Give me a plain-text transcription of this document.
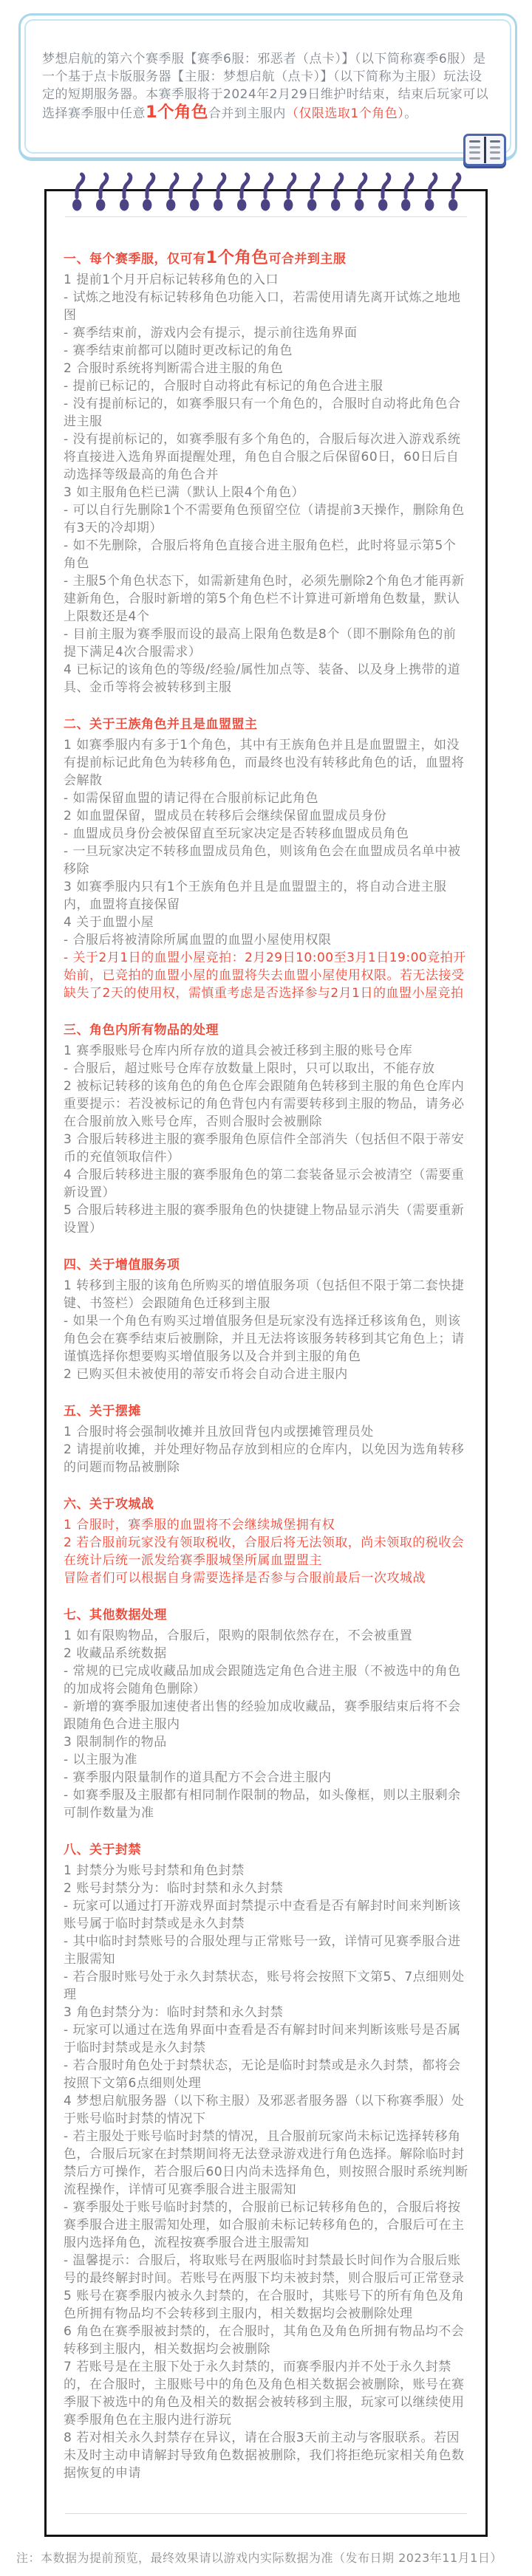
梦想启航的第六个赛季服【赛季6服：邪恶者（点卡）】（以下简称赛季6服）是一个基于点卡版服务器【主服：梦想启航（点卡）】（以下简称为主服）玩法设定的短期服务器。本赛季服将于2024年2月29日维护时结束，结束后玩家可以选择赛季服中任意1个角色合并到主服内（仅限选取1个角色）。

一、每个赛季服，仅可有1个角色可合并到主服

1 提前1个月开启标记转移角色的入口

- 试炼之地没有标记转移角色功能入口，若需使用请先离开试炼之地地图

- 赛季结束前，游戏内会有提示，提示前往选角界面

- 赛季结束前都可以随时更改标记的角色

2 合服时系统将判断需合进主服的角色

- 提前已标记的，合服时自动将此有标记的角色合进主服

- 没有提前标记的，如赛季服只有一个角色的，合服时自动将此角色合进主服

- 没有提前标记的，如赛季服有多个角色的，合服后每次进入游戏系统将直接进入选角界面提醒处理，角色自合服之后保留60日，60日后自动选择等级最高的角色合并

3 如主服角色栏已满（默认上限4个角色）

- 可以自行先删除1个不需要角色预留空位（请提前3天操作，删除角色有3天的冷却期）

- 如不先删除，合服后将角色直接合进主服角色栏，此时将显示第5个角色

- 主服5个角色状态下，如需新建角色时，必须先删除2个角色才能再新建新角色，合服时新增的第5个角色栏不计算进可新增角色数量，默认上限数还是4个

- 目前主服为赛季服而设的最高上限角色数是8个（即不删除角色的前提下满足4次合服需求）

4 已标记的该角色的等级/经验/属性加点等、装备、以及身上携带的道具、金币等将会被转移到主服

二、关于王族角色并且是血盟盟主

1 如赛季服内有多于1个角色，其中有王族角色并且是血盟盟主，如没有提前标记此角色为转移角色，而最终也没有转移此角色的话，血盟将会解散

- 如需保留血盟的请记得在合服前标记此角色

2 如血盟保留，盟成员在转移后会继续保留血盟成员身份

- 血盟成员身份会被保留直至玩家决定是否转移血盟成员角色

- 一旦玩家决定不转移血盟成员角色，则该角色会在血盟成员名单中被移除

3 如赛季服内只有1个王族角色并且是血盟盟主的，将自动合进主服内，血盟将直接保留

4 关于血盟小屋

- 合服后将被清除所属血盟的血盟小屋使用权限

- 关于2月1日的血盟小屋竞拍：2月29日10:00至3月1日19:00竞拍开始前，已竞拍的血盟小屋的血盟将失去血盟小屋使用权限。若无法接受缺失了2天的使用权，需慎重考虑是否选择参与2月1日的血盟小屋竞拍

三、角色内所有物品的处理

1 赛季服账号仓库内所存放的道具会被迁移到主服的账号仓库

- 合服后，超过账号仓库存放数量上限时，只可以取出，不能存放

2 被标记转移的该角色的角色仓库会跟随角色转移到主服的角色仓库内

重要提示：若没被标记的角色背包内有需要转移到主服的物品，请务必在合服前放入账号仓库，否则合服时会被删除

3 合服后转移进主服的赛季服角色原信件全部消失（包括但不限于蒂安币的充值领取信件）

4 合服后转移进主服的赛季服角色的第二套装备显示会被清空（需要重新设置）

5 合服后转移进主服的赛季服角色的快捷键上物品显示消失（需要重新设置）

四、关于增值服务项

1 转移到主服的该角色所购买的增值服务项（包括但不限于第二套快捷键、书签栏）会跟随角色迁移到主服

- 如果一个角色有购买过增值服务但是玩家没有选择迁移该角色，则该角色会在赛季结束后被删除，并且无法将该服务转移到其它角色上；请谨慎选择你想要购买增值服务以及合并到主服的角色

2 已购买但未被使用的蒂安币将会自动合进主服内

五、关于摆摊

1 合服时将会强制收摊并且放回背包内或摆摊管理员处

2 请提前收摊，并处理好物品存放到相应的仓库内，以免因为选角转移的问题而物品被删除

六、关于攻城战

1 合服时，赛季服的血盟将不会继续城堡拥有权

2 若合服前玩家没有领取税收，合服后将无法领取，尚未领取的税收会在统计后统一派发给赛季服城堡所属血盟盟主

冒险者们可以根据自身需要选择是否参与合服前最后一次攻城战

七、其他数据处理

1 如有限购物品，合服后，限购的限制依然存在，不会被重置

2 收藏品系统数据

- 常规的已完成收藏品加成会跟随选定角色合进主服（不被选中的角色的加成将会随角色删除）

- 新增的赛季服加速使者出售的经验加成收藏品，赛季服结束后将不会跟随角色合进主服内

3 限制制作的物品

- 以主服为准

- 赛季服内限量制作的道具配方不会合进主服内

- 如赛季服及主服都有相同制作限制的物品，如头像框，则以主服剩余可制作数量为准

八、关于封禁

1 封禁分为账号封禁和角色封禁

2 账号封禁分为：临时封禁和永久封禁

- 玩家可以通过打开游戏界面封禁提示中查看是否有解封时间来判断该账号属于临时封禁或是永久封禁

- 其中临时封禁账号的合服处理与正常账号一致，详情可见赛季服合进主服需知

- 若合服时账号处于永久封禁状态，账号将会按照下文第5、7点细则处理

3 角色封禁分为：临时封禁和永久封禁

- 玩家可以通过在选角界面中查看是否有解封时间来判断该账号是否属于临时封禁或是永久封禁

- 若合服时角色处于封禁状态，无论是临时封禁或是永久封禁，都将会按照下文第6点细则处理

4 梦想启航服务器（以下称主服）及邪恶者服务器（以下称赛季服）处于账号临时封禁的情况下

- 若主服处于账号临时封禁的情况，且合服前玩家尚未标记选择转移角色，合服后玩家在封禁期间将无法登录游戏进行角色选择。解除临时封禁后方可操作，若合服后60日内尚未选择角色，则按照合服时系统判断流程操作，详情可见赛季服合进主服需知

- 赛季服处于账号临时封禁的，合服前已标记转移角色的，合服后将按赛季服合进主服需知处理，如合服前未标记转移角色的，合服后可在主服内选择角色，流程按赛季服合进主服需知

- 温馨提示：合服后，将取账号在两服临时封禁最长时间作为合服后账号的最终解封时间。若账号在两服下均未被封禁，则合服后可正常登录

5 账号在赛季服内被永久封禁的，在合服时，其账号下的所有角色及角色所拥有物品均不会转移到主服内，相关数据均会被删除处理

6 角色在赛季服被封禁的，在合服时，其角色及角色所拥有物品均不会转移到主服内，相关数据均会被删除

7 若账号是在主服下处于永久封禁的，而赛季服内并不处于永久封禁的，在合服时，主服账号中的角色及角色相关数据会被删除，账号在赛季服下被选中的角色及相关的数据会被转移到主服，玩家可以继续使用赛季服角色在主服内进行游玩

8 若对相关永久封禁存在异议，请在合服3天前主动与客服联系。若因未及时主动申请解封导致角色数据被删除，我们将拒绝玩家相关角色数据恢复的申请

注：本数据为提前预览，最终效果请以游戏内实际数据为准（发布日期 2023年11月1日）
